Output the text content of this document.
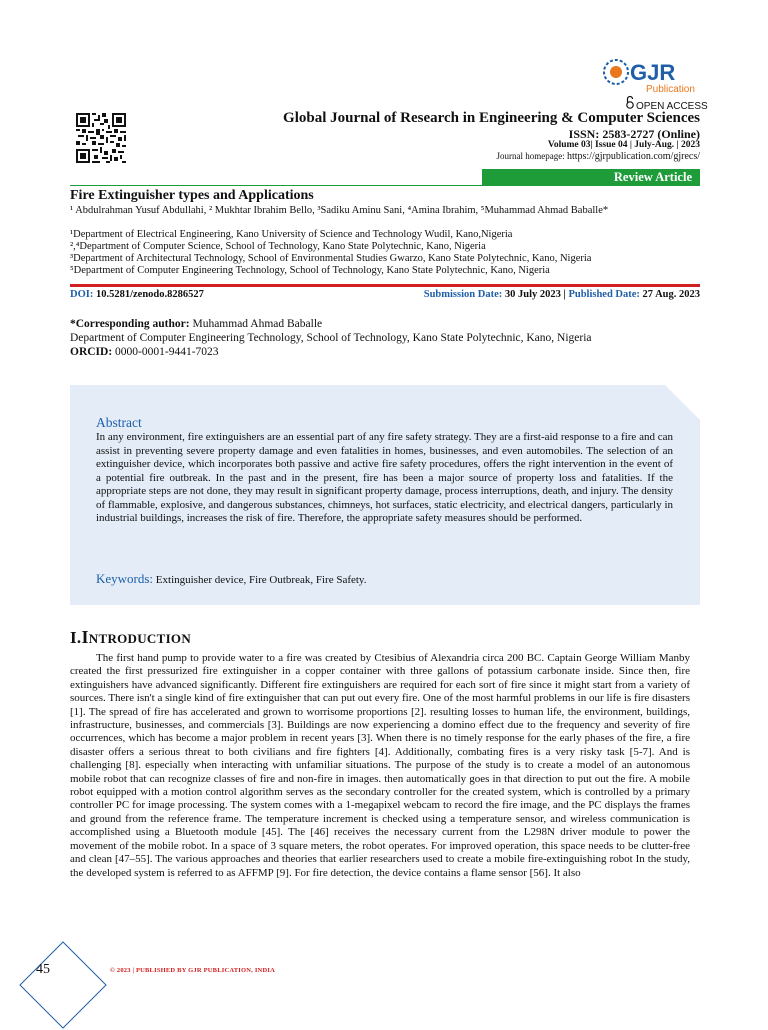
GJR
Publication
OPEN ACCESS
Global Journal of Research in Engineering & Computer Sciences
ISSN: 2583-2727 (Online)
Volume 03| Issue 04 | July-Aug. | 2023
Journal homepage: https://gjrpublication.com/gjrecs/
Review Article
Fire Extinguisher types and Applications
¹ Abdulrahman Yusuf Abdullahi, ² Mukhtar Ibrahim Bello, ³Sadiku Aminu Sani, ⁴Amina Ibrahim, ⁵Muhammad Ahmad Baballe*
¹Department of Electrical Engineering, Kano University of Science and Technology Wudil, Kano,Nigeria
²,⁴Department of Computer Science, School of Technology, Kano State Polytechnic, Kano, Nigeria
³Department of Architectural Technology, School of Environmental Studies Gwarzo, Kano State Polytechnic, Kano, Nigeria
⁵Department of Computer Engineering Technology, School of Technology, Kano State Polytechnic, Kano, Nigeria
DOI: 10.5281/zenodo.8286527	Submission Date: 30 July 2023 | Published Date: 27 Aug. 2023
*Corresponding author: Muhammad Ahmad Baballe
Department of Computer Engineering Technology, School of Technology, Kano State Polytechnic, Kano, Nigeria
ORCID: 0000-0001-9441-7023
Abstract
In any environment, fire extinguishers are an essential part of any fire safety strategy. They are a first-aid response to a fire and can assist in preventing severe property damage and even fatalities in homes, businesses, and even automobiles. The selection of an extinguisher device, which incorporates both passive and active fire safety procedures, offers the right intervention in the event of a potential fire outbreak. In the past and in the present, fire has been a major source of property loss and fatalities. If the appropriate steps are not done, they may result in significant property damage, process interruptions, death, and injury. The density of flammable, explosive, and dangerous substances, chimneys, hot surfaces, static electricity, and electrical dangers, particularly in industrial buildings, increases the risk of fire. Therefore, the appropriate safety measures should be performed.
Keywords: Extinguisher device, Fire Outbreak, Fire Safety.
I.INTRODUCTION
The first hand pump to provide water to a fire was created by Ctesibius of Alexandria circa 200 BC. Captain George William Manby created the first pressurized fire extinguisher in a copper container with three gallons of potassium carbonate inside. Since then, fire extinguishers have advanced significantly. Different fire extinguishers are required for each sort of fire since it might start from a variety of sources. There isn't a single kind of fire extinguisher that can put out every fire. One of the most harmful problems in our life is fire disasters [1]. The spread of fire has accelerated and grown to worrisome proportions [2]. resulting losses to human life, the environment, buildings, infrastructure, businesses, and commercials [3]. Buildings are now experiencing a domino effect due to the frequency and severity of fire occurrences, which has become a major problem in recent years [3]. When there is no timely response for the early phases of the fire, a fire disaster offers a serious threat to both civilians and fire fighters [4]. Additionally, combating fires is a very risky task [5-7]. And is challenging [8]. especially when interacting with unfamiliar situations. The purpose of the study is to create a model of an autonomous mobile robot that can recognize classes of fire and non-fire in images. then automatically goes in that direction to put out the fire. A mobile robot equipped with a motion control algorithm serves as the secondary controller for the created system, which is controlled by a primary controller PC for image processing. The system comes with a 1-megapixel webcam to record the fire image, and the PC displays the frames and ground from the reference frame. The temperature increment is checked using a temperature sensor, and wireless communication is accomplished using a Bluetooth module [45]. The [46] receives the necessary current from the L298N driver module to power the movement of the mobile robot. In a space of 3 square meters, the robot operates. For improved operation, this space needs to be clutter-free and clean [47–55]. The various approaches and theories that earlier researchers used to create a mobile fire-extinguishing robot In the study, the developed system is referred to as AFFMP [9]. For fire detection, the device contains a flame sensor [56]. It also
45	© 2023 | PUBLISHED BY GJR PUBLICATION, INDIA
